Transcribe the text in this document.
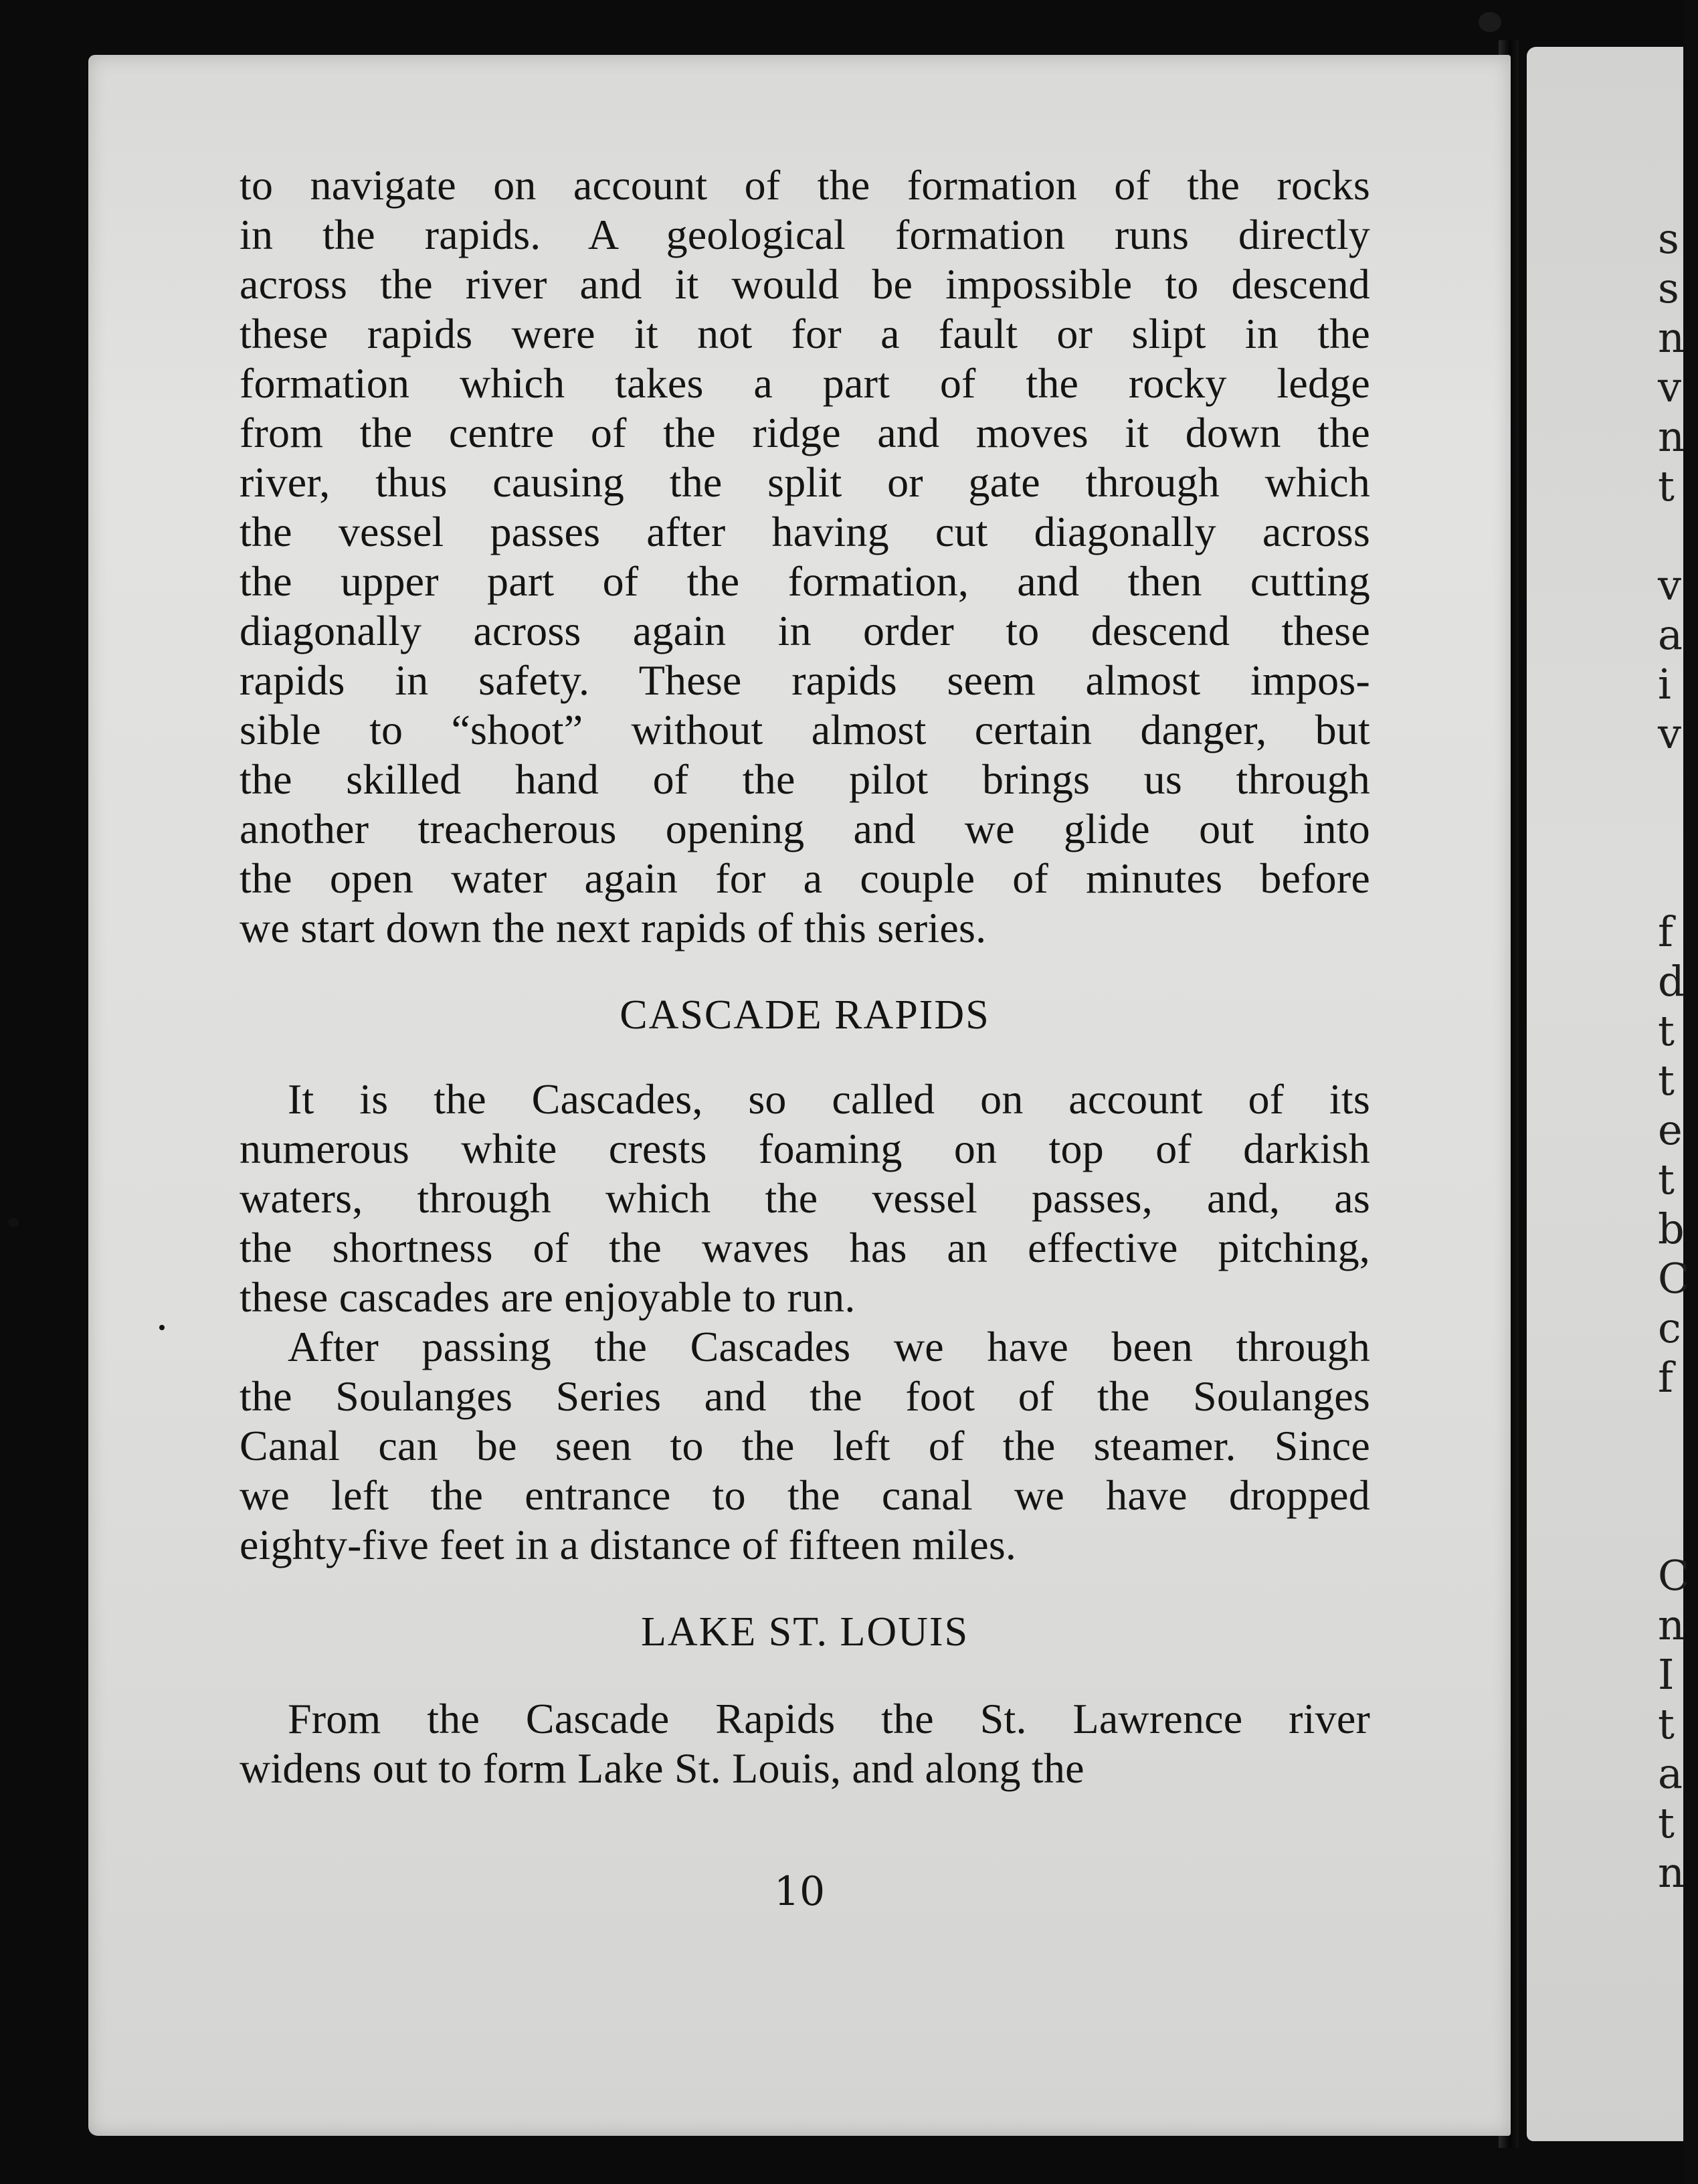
s
s
n
v
n
t

v
a
i
v

f
d
t
t
e
t
b
C
c
f

C
n
I
t
a
t
n
10

to navigate on account of the formation of the rocks
in the rapids. A geological formation runs directly
across the river and it would be impossible to descend
these rapids were it not for a fault or slipt in the
formation which takes a part of the rocky ledge
from the centre of the ridge and moves it down the
river, thus causing the split or gate through which
the vessel passes after having cut diagonally across
the upper part of the formation, and then cutting
diagonally across again in order to descend these
rapids in safety. These rapids seem almost impos-
sible to “shoot” without almost certain danger, but
the skilled hand of the pilot brings us through
another treacherous opening and we glide out into
the open water again for a couple of minutes before
we start down the next rapids of this series.

CASCADE RAPIDS

It is the Cascades, so called on account of its
numerous white crests foaming on top of darkish
waters, through which the vessel passes, and, as
the shortness of the waves has an effective pitching,
these cascades are enjoyable to run.

After passing the Cascades we have been through
the Soulanges Series and the foot of the Soulanges
Canal can be seen to the left of the steamer. Since
we left the entrance to the canal we have dropped
eighty-five feet in a distance of fifteen miles.

LAKE ST. LOUIS

From the Cascade Rapids the St. Lawrence river
widens out to form Lake St. Louis, and along the
